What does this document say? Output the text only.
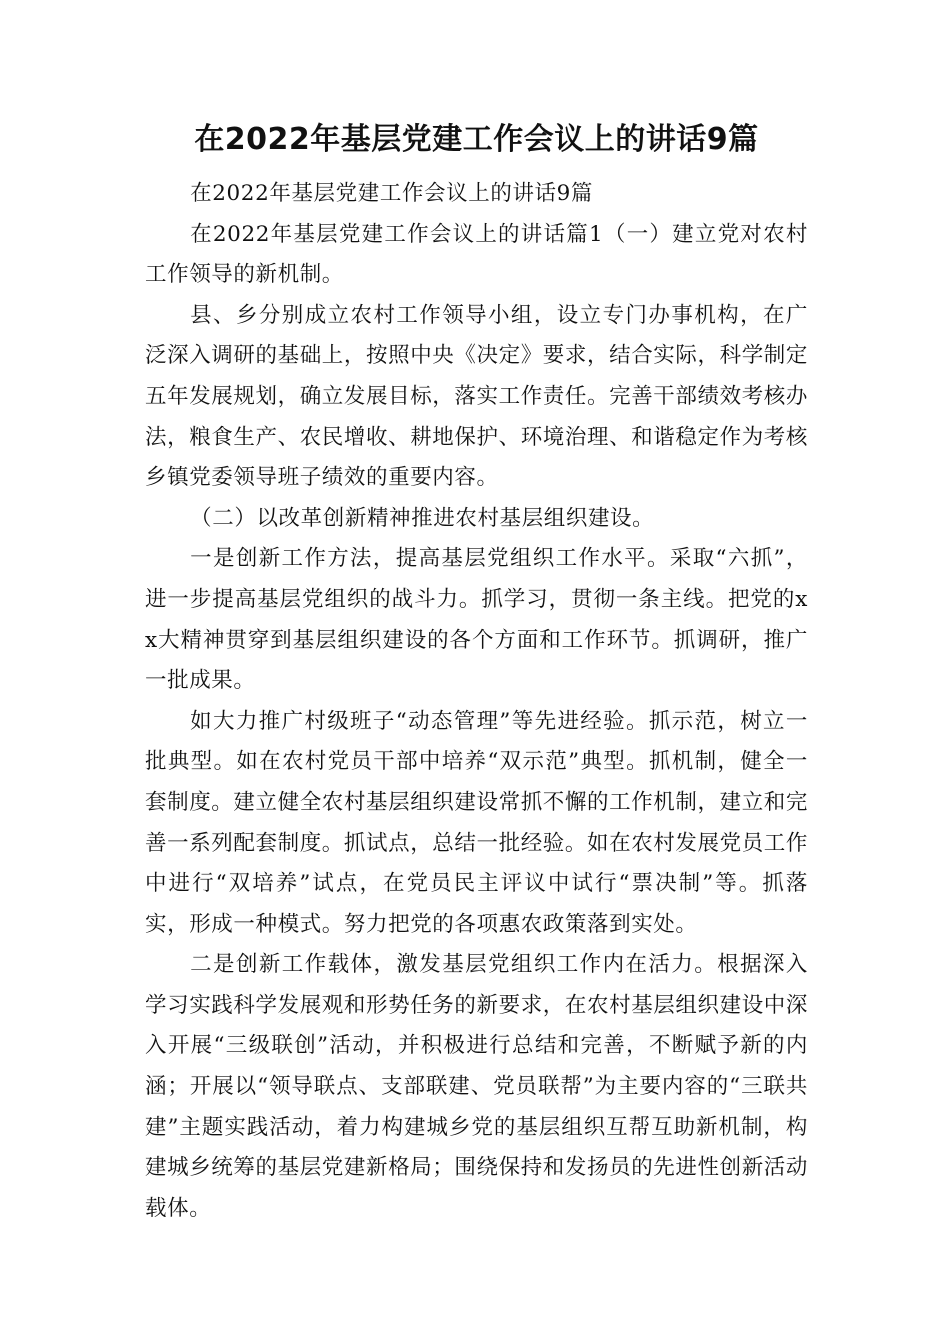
在2022年基层党建工作会议上的讲话9篇

在2022年基层党建工作会议上的讲话9篇

在2022年基层党建工作会议上的讲话篇1（一）建立党对农村工作领导的新机制。

县、乡分别成立农村工作领导小组，设立专门办事机构，在广泛深入调研的基础上，按照中央《决定》要求，结合实际，科学制定五年发展规划，确立发展目标，落实工作责任。完善干部绩效考核办法，粮食生产、农民增收、耕地保护、环境治理、和谐稳定作为考核乡镇党委领导班子绩效的重要内容。

（二）以改革创新精神推进农村基层组织建设。

一是创新工作方法，提高基层党组织工作水平。采取“六抓”，进一步提高基层党组织的战斗力。抓学习，贯彻一条主线。把党的xx大精神贯穿到基层组织建设的各个方面和工作环节。抓调研，推广一批成果。

如大力推广村级班子“动态管理”等先进经验。抓示范，树立一批典型。如在农村党员干部中培养“双示范”典型。抓机制，健全一套制度。建立健全农村基层组织建设常抓不懈的工作机制，建立和完善一系列配套制度。抓试点，总结一批经验。如在农村发展党员工作中进行“双培养”试点，在党员民主评议中试行“票决制”等。抓落实，形成一种模式。努力把党的各项惠农政策落到实处。

二是创新工作载体，激发基层党组织工作内在活力。根据深入学习实践科学发展观和形势任务的新要求，在农村基层组织建设中深入开展“三级联创”活动，并积极进行总结和完善，不断赋予新的内涵；开展以“领导联点、支部联建、党员联帮”为主要内容的“三联共建”主题实践活动，着力构建城乡党的基层组织互帮互助新机制，构建城乡统筹的基层党建新格局；围绕保持和发扬员的先进性创新活动载体。
